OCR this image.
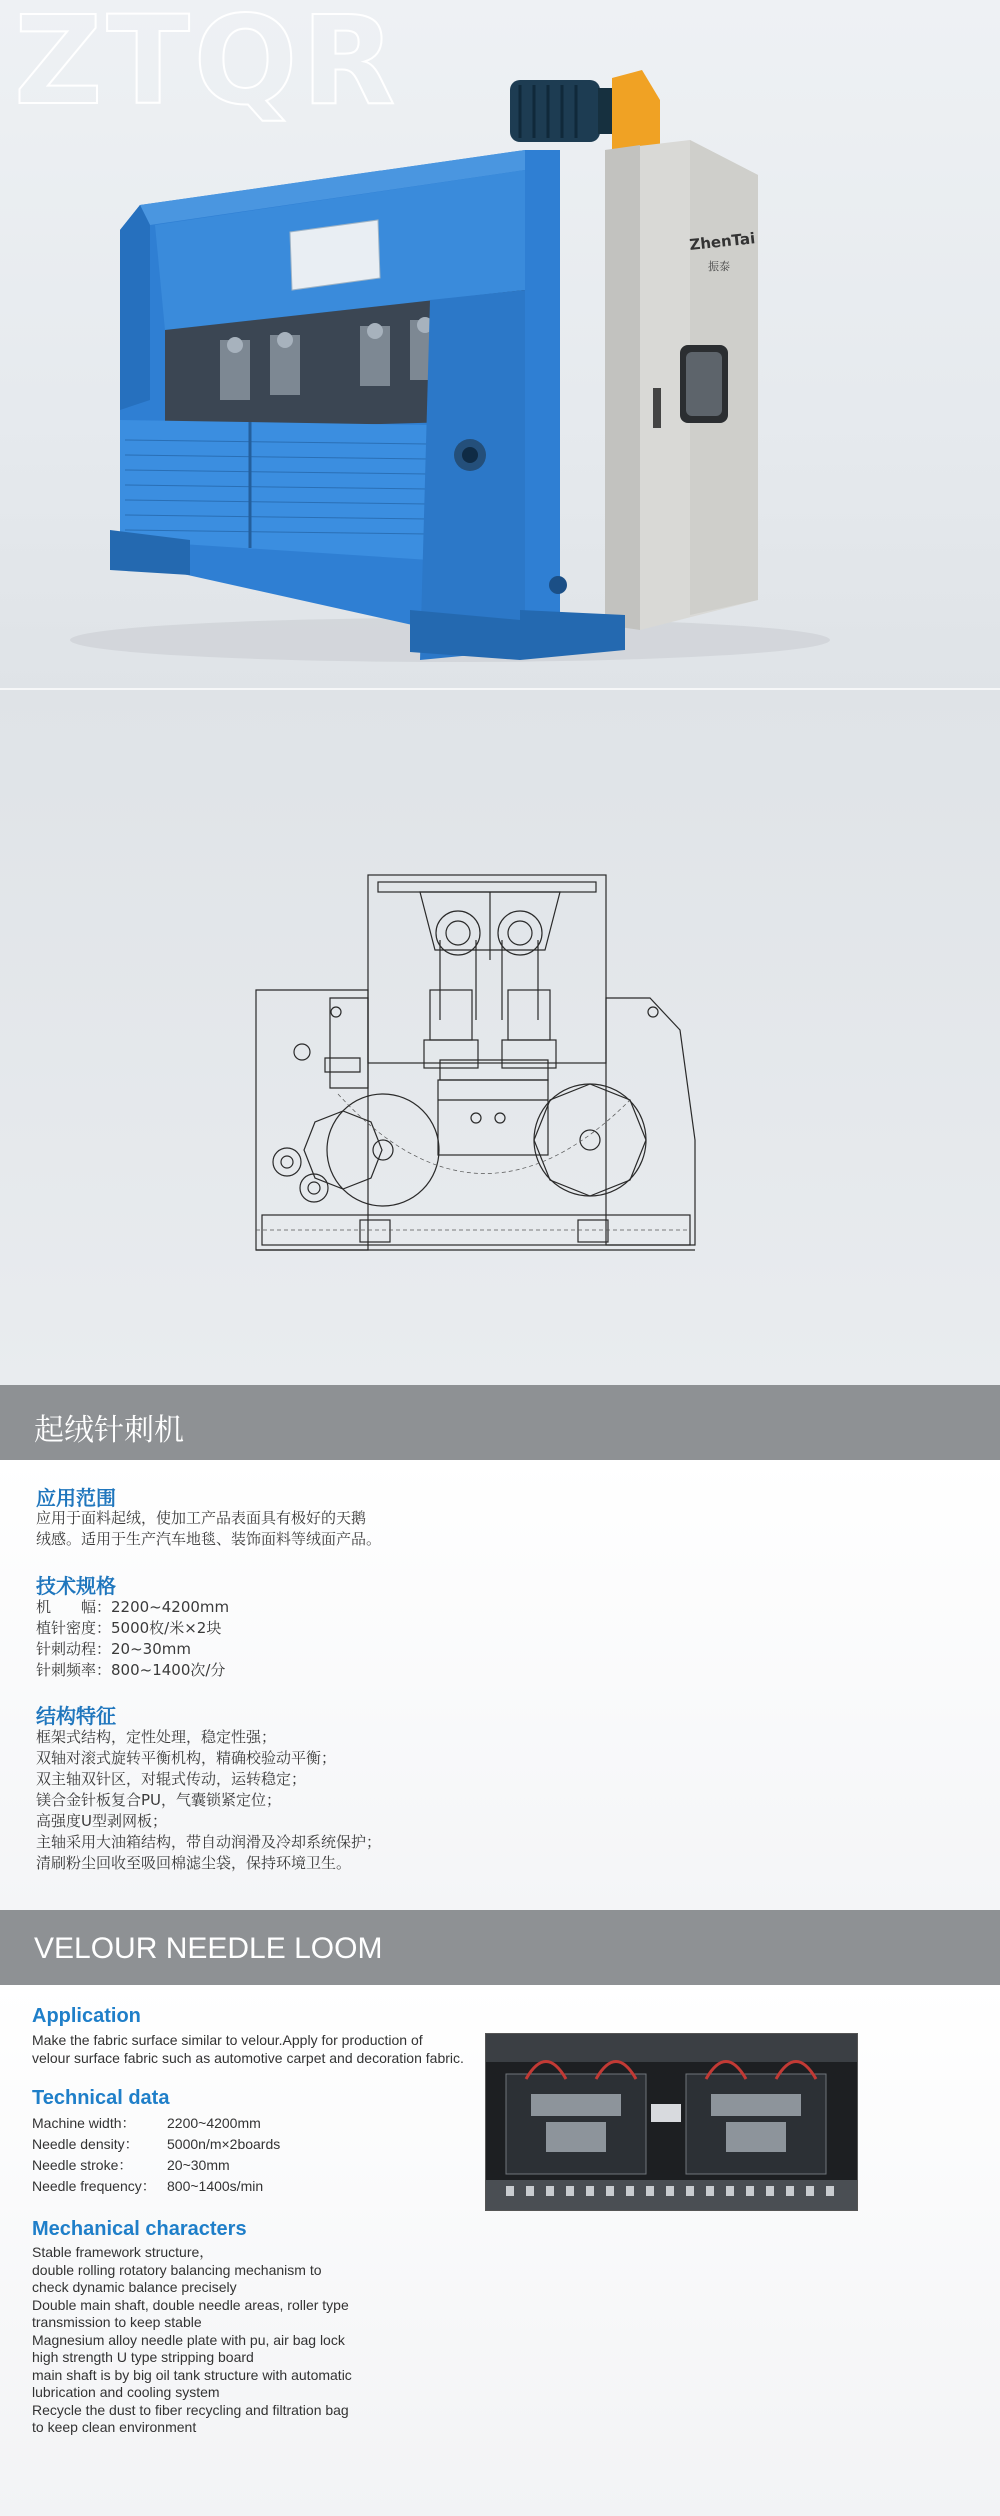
ZTQR
ZhenTai
振泰
起绒针刺机
应用范围
应用于面料起绒，使加工产品表面具有极好的天鹅
绒感。适用于生产汽车地毯、装饰面料等绒面产品。
技术规格
机　　幅：2200~4200mm
植针密度：5000枚/米×2块
针刺动程：20~30mm
针刺频率：800~1400次/分
结构特征
框架式结构，定性处理，稳定性强；
双轴对滚式旋转平衡机构，精确校验动平衡；
双主轴双针区，对辊式传动，运转稳定；
镁合金针板复合PU，气囊锁紧定位；
高强度U型剥网板；
主轴采用大油箱结构，带自动润滑及冷却系统保护；
清刷粉尘回收至吸回棉滤尘袋，保持环境卫生。
VELOUR NEEDLE LOOM
Application
Make the fabric surface similar to velour.Apply for production of
velour surface fabric such as automotive carpet and decoration fabric.
Technical data
Machine width： 2200~4200mm
Needle density： 5000n/m×2boards
Needle stroke： 20~30mm
Needle frequency： 800~1400s/min
Mechanical characters
Stable framework structure，
double rolling rotatory balancing mechanism to
check dynamic balance precisely
Double main shaft, double needle areas, roller type
transmission to keep stable
Magnesium alloy needle plate with pu, air bag lock
high strength U type stripping board
main shaft is by big oil tank structure with automatic
lubrication and cooling system
Recycle the dust to fiber recycling and filtration bag
to keep clean environment
